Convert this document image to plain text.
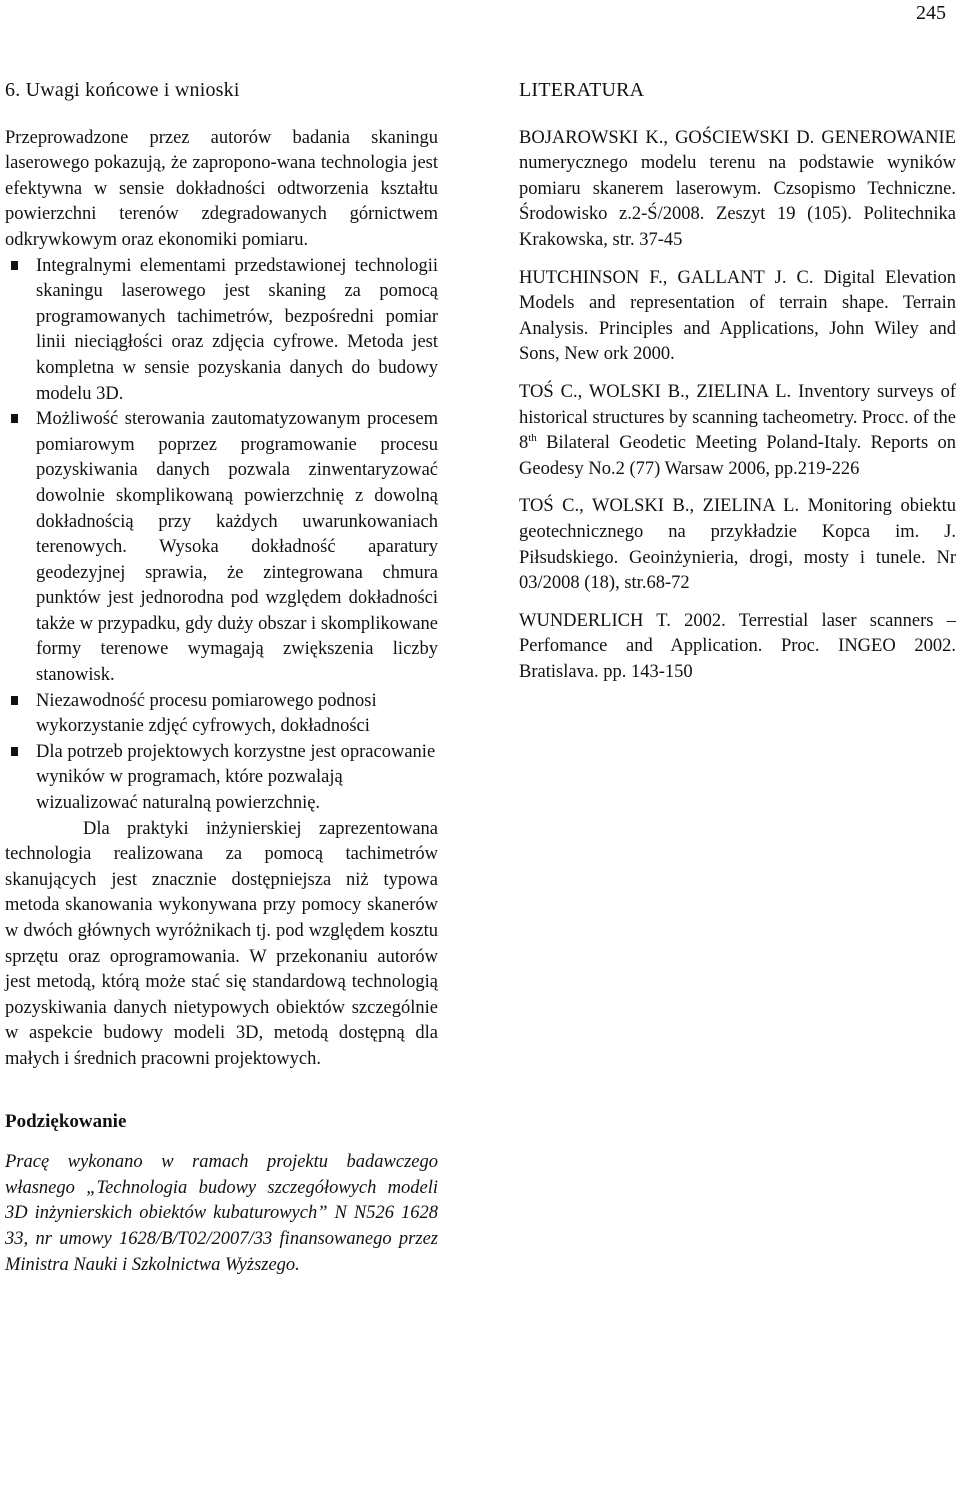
245
6. Uwagi końcowe i wnioski

Przeprowadzone przez autorów badania skaningu laserowego pokazują, że zapropono-wana technologia jest efektywna w sensie dokładności odtworzenia kształtu powierzchni terenów zdegradowanych górnictwem odkrywkowym oraz ekonomiki pomiaru.

Integralnymi elementami przedstawionej technologii skaningu laserowego jest skaning za pomocą programowanych tachimetrów, bezpośredni pomiar linii nieciągłości oraz zdjęcia cyfrowe. Metoda jest kompletna w sensie pozyskania danych do budowy modelu 3D.
Możliwość sterowania zautomatyzowanym procesem pomiarowym poprzez programowanie procesu pozyskiwania danych pozwala zinwentaryzować dowolnie skomplikowaną powierzchnię z dowolną dokładnością przy każdych uwarunkowaniach terenowych. Wysoka dokładność aparatury geodezyjnej sprawia, że zintegrowana chmura punktów jest jednorodna pod względem dokładności także w przypadku, gdy duży obszar i skomplikowane formy terenowe wymagają zwiększenia liczby stanowisk.
Niezawodność procesu pomiarowego podnosi wykorzystanie zdjęć cyfrowych, dokładności
Dla potrzeb projektowych korzystne jest opracowanie wyników w programach, które pozwalają wizualizować naturalną powierzchnię.

Dla praktyki inżynierskiej zaprezentowana technologia realizowana za pomocą tachimetrów skanujących jest znacznie dostępniejsza niż typowa metoda skanowania wykonywana przy pomocy skanerów w dwóch głównych wyróżnikach tj. pod względem kosztu sprzętu oraz oprogramowania. W przekonaniu autorów jest metodą, którą może stać się standardową technologią pozyskiwania danych nietypowych obiektów szczególnie w aspekcie budowy modeli 3D, metodą dostępną dla małych i średnich pracowni projektowych.

Podziękowanie

Pracę wykonano w ramach projektu badawczego własnego „Technologia budowy szczegółowych modeli 3D inżynierskich obiektów kubaturowych” N N526 1628 33, nr umowy 1628/B/T02/2007/33 finansowanego przez Ministra Nauki i Szkolnictwa Wyższego.

LITERATURA

BOJAROWSKI K., GOŚCIEWSKI D. GENEROWANIE numerycznego modelu terenu na podstawie wyników pomiaru skanerem laserowym. Czsopismo Techniczne. Środowisko z.2-Ś/2008. Zeszyt 19 (105). Politechnika Krakowska, str. 37-45

HUTCHINSON F., GALLANT J. C. Digital Elevation Models and representation of terrain shape. Terrain Analysis. Principles and Applications, John Wiley and Sons, New ork 2000.

TOŚ C., WOLSKI B., ZIELINA L. Inventory surveys of historical structures by scanning tacheometry. Procc. of the 8th Bilateral Geodetic Meeting Poland-Italy. Reports on Geodesy No.2 (77) Warsaw 2006, pp.219-226

TOŚ C., WOLSKI B., ZIELINA L. Monitoring obiektu geotechnicznego na przykładzie Kopca im. J. Piłsudskiego. Geoinżynieria, drogi, mosty i tunele. Nr 03/2008 (18), str.68-72

WUNDERLICH T. 2002. Terrestial laser scanners – Perfomance and Application. Proc. INGEO 2002. Bratislava. pp. 143-150
